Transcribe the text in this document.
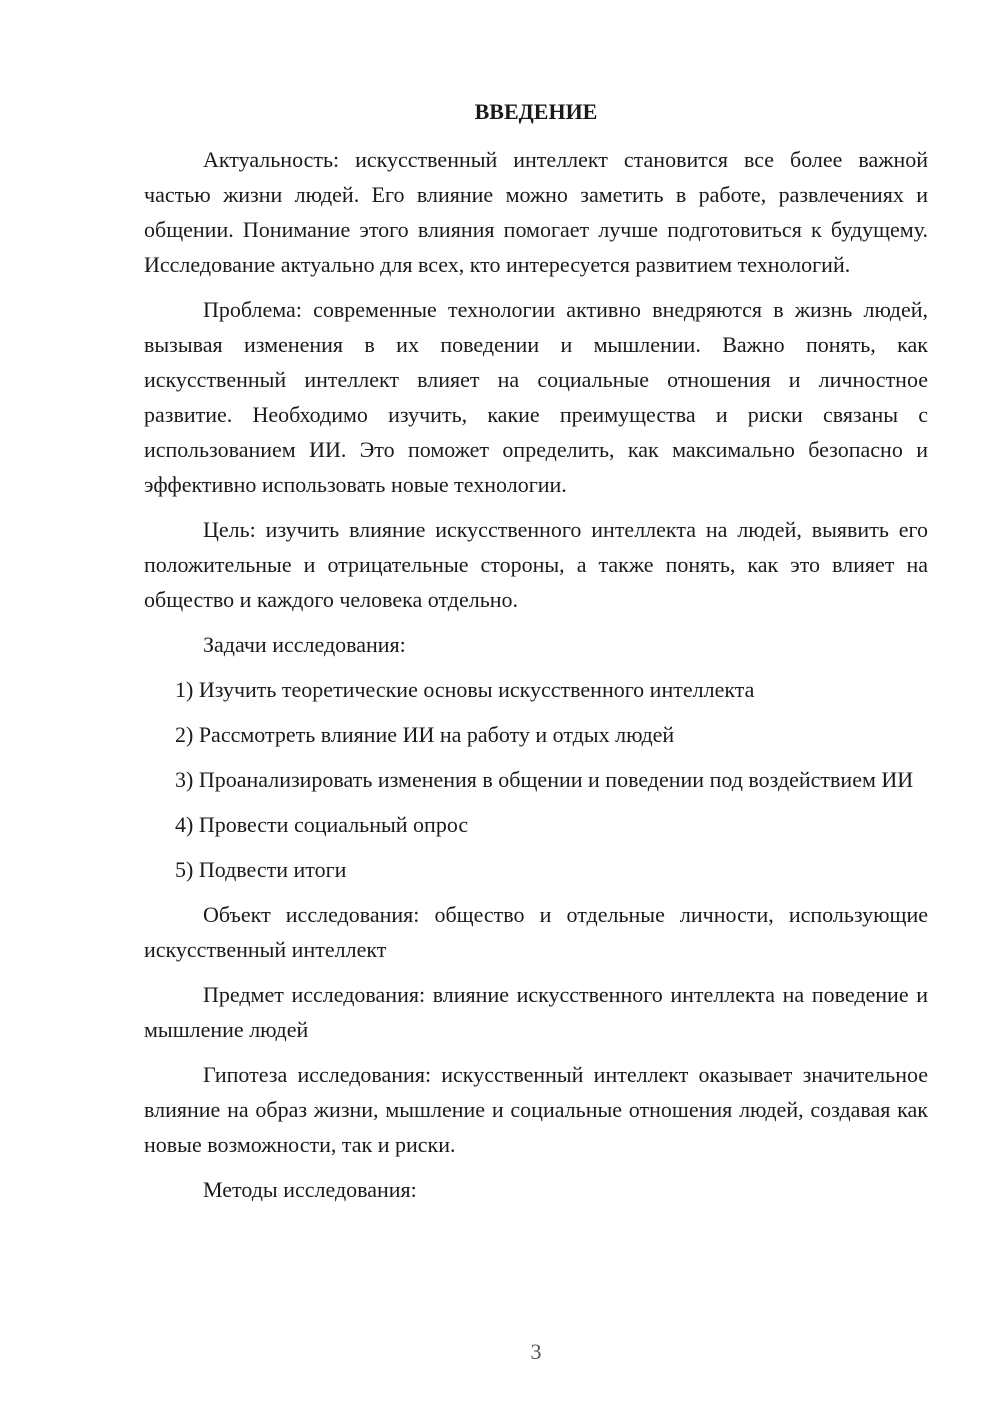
ВВЕДЕНИЕ

Актуальность: искусственный интеллект становится все более важной частью жизни людей. Его влияние можно заметить в работе, развлечениях и общении. Понимание этого влияния помогает лучше подготовиться к будущему. Исследование актуально для всех, кто интересуется развитием технологий.

Проблема: современные технологии активно внедряются в жизнь людей, вызывая изменения в их поведении и мышлении. Важно понять, как искусственный интеллект влияет на социальные отношения и личностное развитие. Необходимо изучить, какие преимущества и риски связаны с использованием ИИ. Это поможет определить, как максимально безопасно и эффективно использовать новые технологии.

Цель: изучить влияние искусственного интеллекта на людей, выявить его положительные и отрицательные стороны, а также понять, как это влияет на общество и каждого человека отдельно.

Задачи исследования:

1) Изучить теоретические основы искусственного интеллекта

2) Рассмотреть влияние ИИ на работу и отдых людей

3) Проанализировать изменения в общении и поведении под воздействием ИИ

4) Провести социальный опрос

5) Подвести итоги

Объект исследования: общество и отдельные личности, использующие искусственный интеллект

Предмет исследования: влияние искусственного интеллекта на поведение и мышление людей

Гипотеза исследования: искусственный интеллект оказывает значительное влияние на образ жизни, мышление и социальные отношения людей, создавая как новые возможности, так и риски.

Методы исследования:

3
